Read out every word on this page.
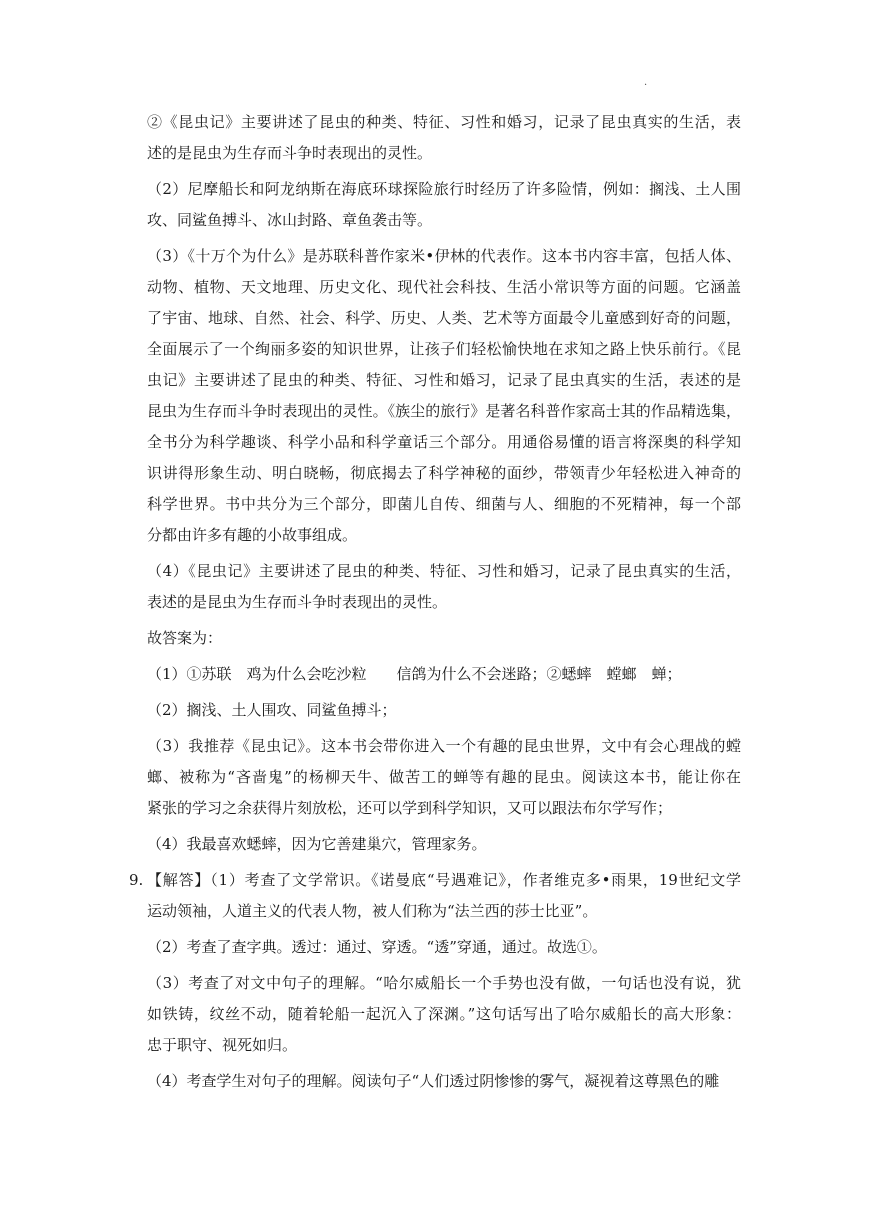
·
②《昆虫记》主要讲述了昆虫的种类、特征、习性和婚习，记录了昆虫真实的生活，表
述的是昆虫为生存而斗争时表现出的灵性。
（2）尼摩船长和阿龙纳斯在海底环球探险旅行时经历了许多险情，例如：搁浅、土人围
攻、同鲨鱼搏斗、冰山封路、章鱼袭击等。
（3）《十万个为什么》是苏联科普作家米•伊林的代表作。这本书内容丰富，包括人体、
动物、植物、天文地理、历史文化、现代社会科技、生活小常识等方面的问题。它涵盖
了宇宙、地球、自然、社会、科学、历史、人类、艺术等方面最令儿童感到好奇的问题，
全面展示了一个绚丽多姿的知识世界，让孩子们轻松愉快地在求知之路上快乐前行。《昆
虫记》主要讲述了昆虫的种类、特征、习性和婚习，记录了昆虫真实的生活，表述的是
昆虫为生存而斗争时表现出的灵性。《族尘的旅行》是著名科普作家高士其的作品精选集，
全书分为科学趣谈、科学小品和科学童话三个部分。用通俗易懂的语言将深奥的科学知
识讲得形象生动、明白晓畅，彻底揭去了科学神秘的面纱，带领青少年轻松进入神奇的
科学世界。书中共分为三个部分，即菌儿自传、细菌与人、细胞的不死精神，每一个部
分都由许多有趣的小故事组成。
（4）《昆虫记》主要讲述了昆虫的种类、特征、习性和婚习，记录了昆虫真实的生活，
表述的是昆虫为生存而斗争时表现出的灵性。
故答案为：
（1）①苏联　鸡为什么会吃沙粒　　信鸽为什么不会迷路；②蟋蟀　螳螂　蝉；
（2）搁浅、土人围攻、同鲨鱼搏斗；
（3）我推荐《昆虫记》。这本书会带你进入一个有趣的昆虫世界，文中有会心理战的螳
螂、被称为“吝啬鬼”的杨柳天牛、做苦工的蝉等有趣的昆虫。阅读这本书，能让你在
紧张的学习之余获得片刻放松，还可以学到科学知识，又可以跟法布尔学写作；
（4）我最喜欢蟋蟀，因为它善建巢穴，管理家务。
9. 【解答】（1）考查了文学常识。《诺曼底“号遇难记》，作者维克多•雨果，19世纪文学
运动领袖，人道主义的代表人物，被人们称为“法兰西的莎士比亚”。
（2）考查了查字典。透过：通过、穿透。“透”穿通，通过。故选①。
（3）考查了对文中句子的理解。“哈尔威船长一个手势也没有做，一句话也没有说，犹
如铁铸，纹丝不动，随着轮船一起沉入了深渊。”这句话写出了哈尔威船长的高大形象：
忠于职守、视死如归。
（4）考查学生对句子的理解。阅读句子“人们透过阴惨惨的雾气，凝视着这尊黑色的雕
